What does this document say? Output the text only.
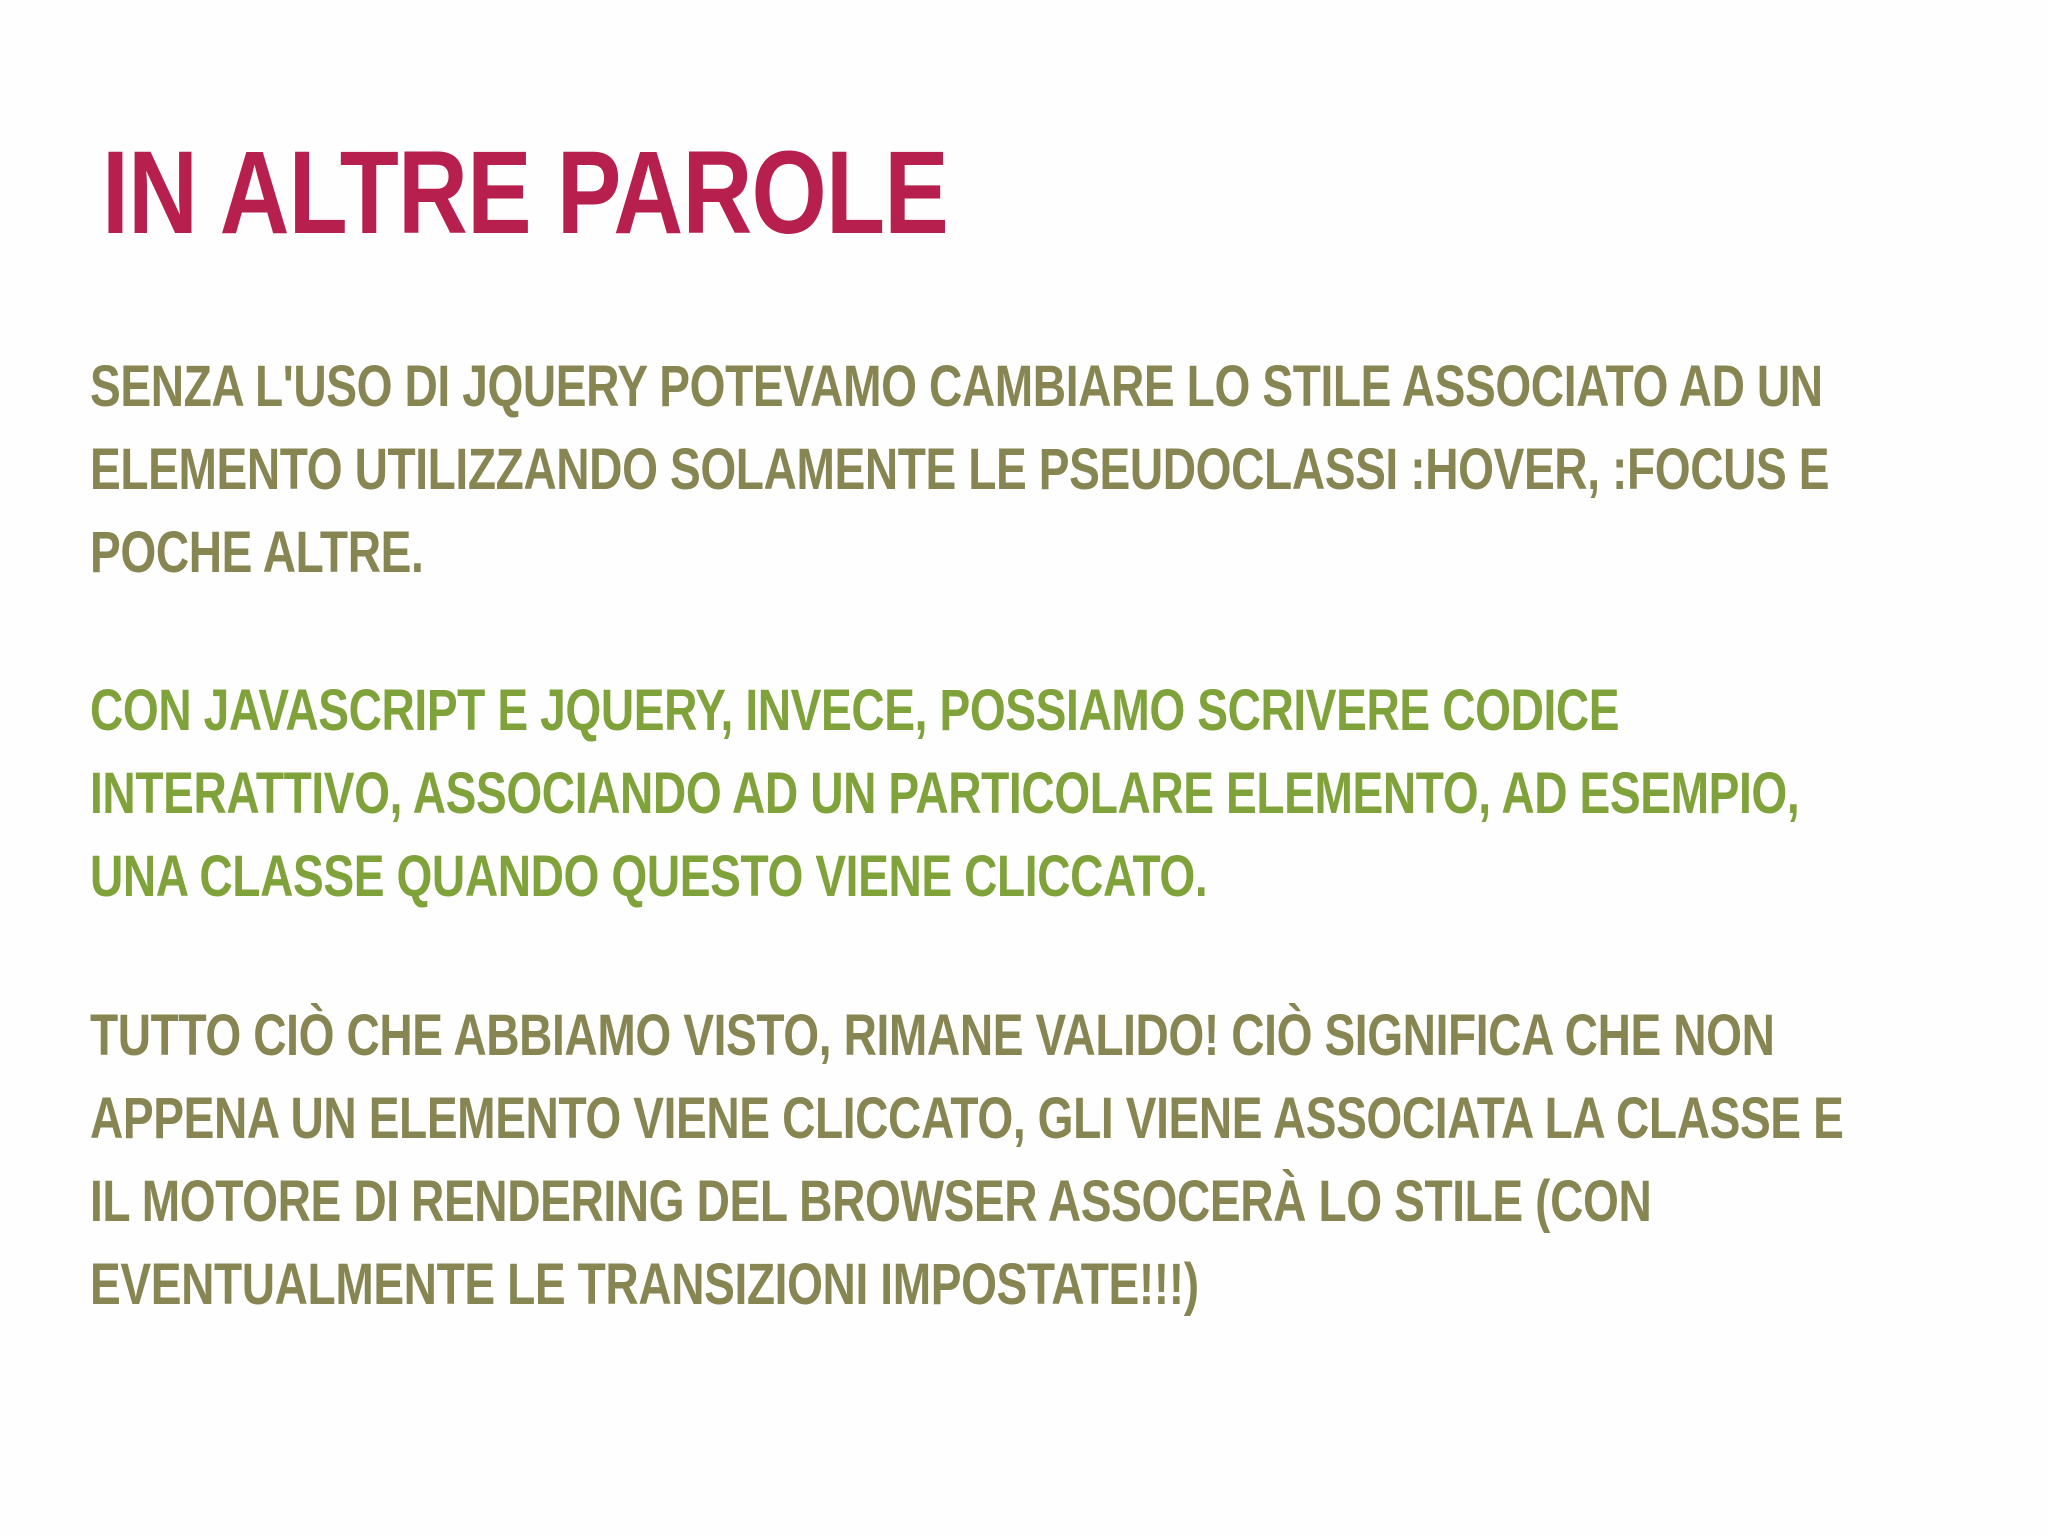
IN ALTRE PAROLE

SENZA L'USO DI JQUERY POTEVAMO CAMBIARE LO STILE ASSOCIATO AD UN ELEMENTO UTILIZZANDO SOLAMENTE LE PSEUDOCLASSI :HOVER, :FOCUS E POCHE ALTRE.

CON JAVASCRIPT E JQUERY, INVECE, POSSIAMO SCRIVERE CODICE INTERATTIVO, ASSOCIANDO AD UN PARTICOLARE ELEMENTO, AD ESEMPIO, UNA CLASSE QUANDO QUESTO VIENE CLICCATO.

TUTTO CIÒ CHE ABBIAMO VISTO, RIMANE VALIDO! CIÒ SIGNIFICA CHE NON APPENA UN ELEMENTO VIENE CLICCATO, GLI VIENE ASSOCIATA LA CLASSE E IL MOTORE DI RENDERING DEL BROWSER ASSOCERÀ LO STILE (CON EVENTUALMENTE LE TRANSIZIONI IMPOSTATE!!!)
